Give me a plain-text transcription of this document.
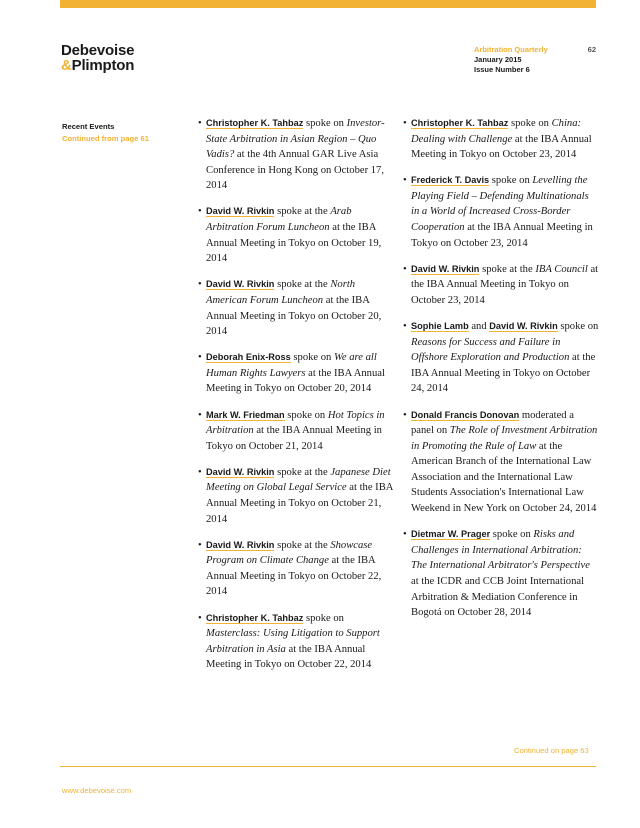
Debevoise
&Plimpton
Arbitration Quarterly
January 2015
Issue Number 6
62
Recent Events
Continued from page 61
• Christopher K. Tahbaz spoke on Investor-State Arbitration in Asian Region – Quo Vadis? at the 4th Annual GAR Live Asia Conference in Hong Kong on October 17, 2014
• David W. Rivkin spoke at the Arab Arbitration Forum Luncheon at the IBA Annual Meeting in Tokyo on October 19, 2014
• David W. Rivkin spoke at the North American Forum Luncheon at the IBA Annual Meeting in Tokyo on October 20, 2014
• Deborah Enix-Ross spoke on We are all Human Rights Lawyers at the IBA Annual Meeting in Tokyo on October 20, 2014
• Mark W. Friedman spoke on Hot Topics in Arbitration at the IBA Annual Meeting in Tokyo on October 21, 2014
• David W. Rivkin spoke at the Japanese Diet Meeting on Global Legal Service at the IBA Annual Meeting in Tokyo on October 21, 2014
• David W. Rivkin spoke at the Showcase Program on Climate Change at the IBA Annual Meeting in Tokyo on October 22, 2014
• Christopher K. Tahbaz spoke on Masterclass: Using Litigation to Support Arbitration in Asia at the IBA Annual Meeting in Tokyo on October 22, 2014
• Christopher K. Tahbaz spoke on China: Dealing with Challenge at the IBA Annual Meeting in Tokyo on October 23, 2014
• Frederick T. Davis spoke on Levelling the Playing Field – Defending Multinationals in a World of Increased Cross-Border Cooperation at the IBA Annual Meeting in Tokyo on October 23, 2014
• David W. Rivkin spoke at the IBA Council at the IBA Annual Meeting in Tokyo on October 23, 2014
• Sophie Lamb and David W. Rivkin spoke on Reasons for Success and Failure in Offshore Exploration and Production at the IBA Annual Meeting in Tokyo on October 24, 2014
• Donald Francis Donovan moderated a panel on The Role of Investment Arbitration in Promoting the Rule of Law at the American Branch of the International Law Association and the International Law Students Association's International Law Weekend in New York on October 24, 2014
• Dietmar W. Prager spoke on Risks and Challenges in International Arbitration: The International Arbitrator's Perspective at the ICDR and CCB Joint International Arbitration & Mediation Conference in Bogotá on October 28, 2014
Continued on page 63
www.debevoise.com
